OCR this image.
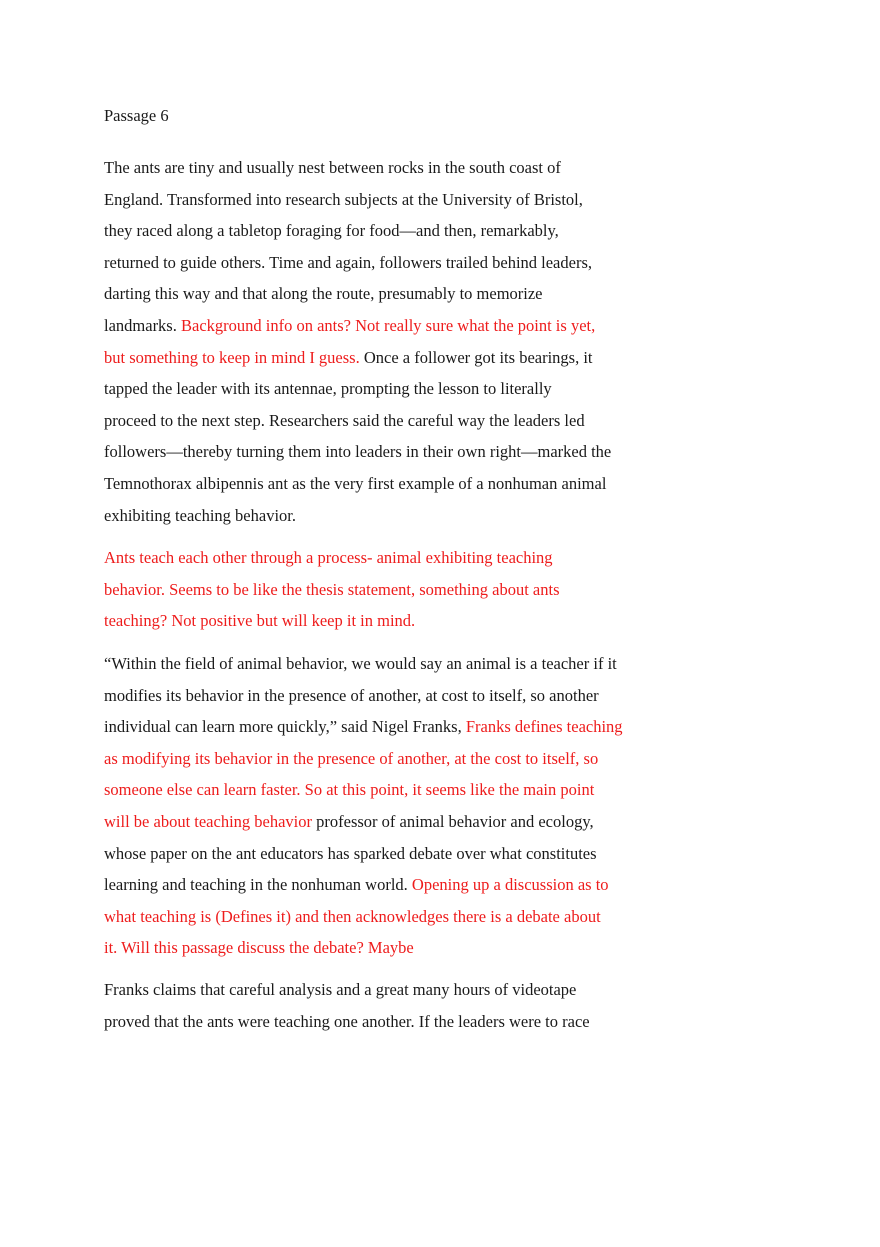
Passage 6
The ants are tiny and usually nest between rocks in the south coast of
England. Transformed into research subjects at the University of Bristol,
they raced along a tabletop foraging for food—and then, remarkably,
returned to guide others. Time and again, followers trailed behind leaders,
darting this way and that along the route, presumably to memorize
landmarks. Background info on ants? Not really sure what the point is yet,
but something to keep in mind I guess. Once a follower got its bearings, it
tapped the leader with its antennae, prompting the lesson to literally
proceed to the next step. Researchers said the careful way the leaders led
followers—thereby turning them into leaders in their own right—marked the
Temnothorax albipennis ant as the very first example of a nonhuman animal
exhibiting teaching behavior.
Ants teach each other through a process- animal exhibiting teaching
behavior. Seems to be like the thesis statement, something about ants
teaching? Not positive but will keep it in mind.
“Within the field of animal behavior, we would say an animal is a teacher if it
modifies its behavior in the presence of another, at cost to itself, so another
individual can learn more quickly,” said Nigel Franks, Franks defines teaching
as modifying its behavior in the presence of another, at the cost to itself, so
someone else can learn faster. So at this point, it seems like the main point
will be about teaching behavior professor of animal behavior and ecology,
whose paper on the ant educators has sparked debate over what constitutes
learning and teaching in the nonhuman world. Opening up a discussion as to
what teaching is (Defines it) and then acknowledges there is a debate about
it. Will this passage discuss the debate? Maybe
Franks claims that careful analysis and a great many hours of videotape
proved that the ants were teaching one another. If the leaders were to race
